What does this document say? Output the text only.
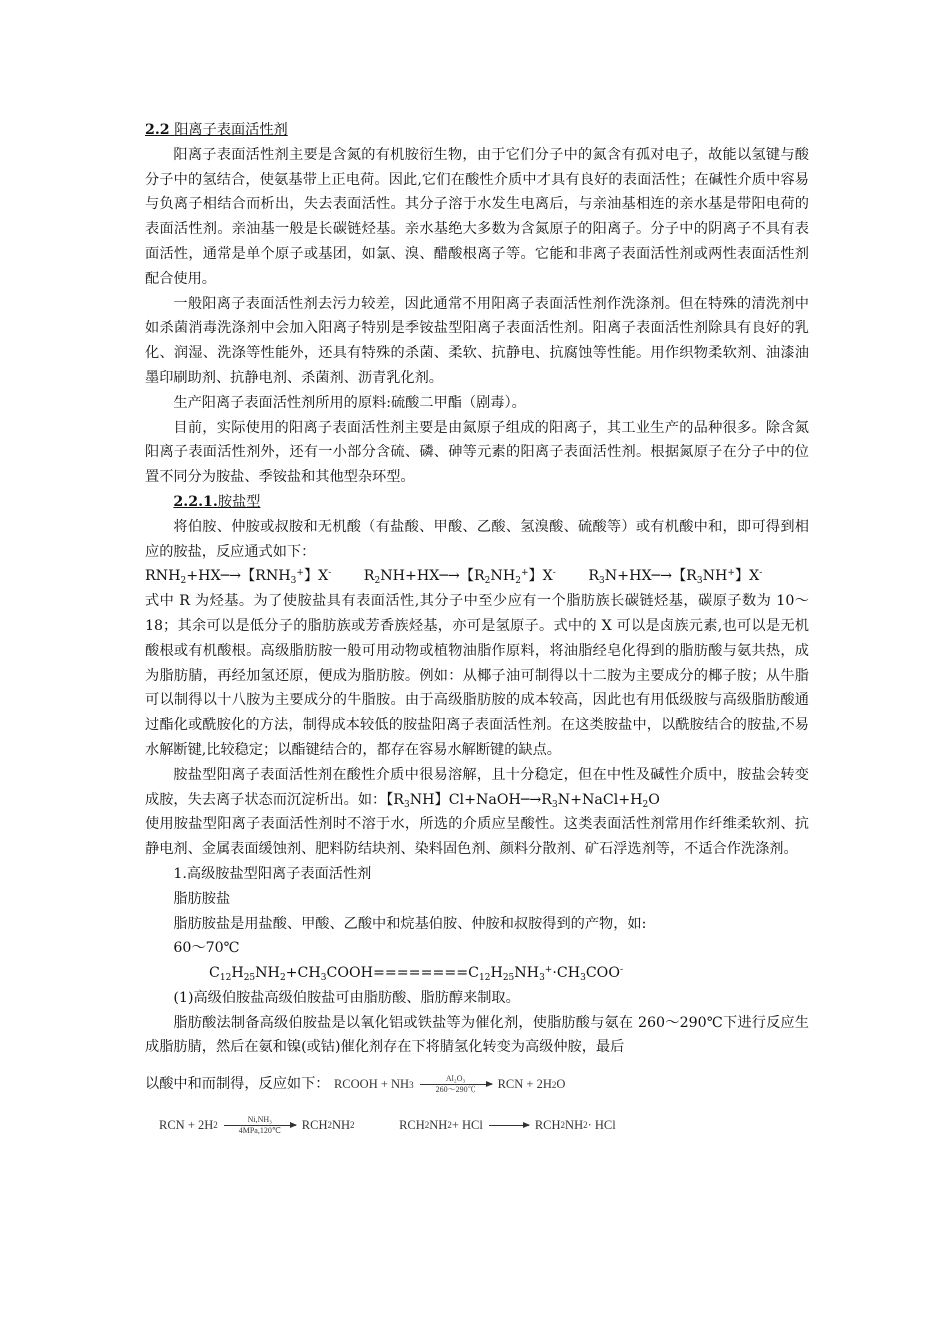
2.2 阳离子表面活性剂

阳离子表面活性剂主要是含氮的有机胺衍生物，由于它们分子中的氮含有孤对电子，故能以氢键与酸分子中的氢结合，使氨基带上正电荷。因此,它们在酸性介质中才具有良好的表面活性；在碱性介质中容易与负离子相结合而析出，失去表面活性。其分子溶于水发生电离后，与亲油基相连的亲水基是带阳电荷的表面活性剂。亲油基一般是长碳链烃基。亲水基绝大多数为含氮原子的阳离子。分子中的阴离子不具有表面活性，通常是单个原子或基团，如氯、溴、醋酸根离子等。它能和非离子表面活性剂或两性表面活性剂配合使用。

一般阳离子表面活性剂去污力较差，因此通常不用阳离子表面活性剂作洗涤剂。但在特殊的清洗剂中如杀菌消毒洗涤剂中会加入阳离子特别是季铵盐型阳离子表面活性剂。阳离子表面活性剂除具有良好的乳化、润湿、洗涤等性能外，还具有特殊的杀菌、柔软、抗静电、抗腐蚀等性能。用作织物柔软剂、油漆油墨印刷助剂、抗静电剂、杀菌剂、沥青乳化剂。

生产阳离子表面活性剂所用的原料:硫酸二甲酯（剧毒）。

目前，实际使用的阳离子表面活性剂主要是由氮原子组成的阳离子，其工业生产的品种很多。除含氮阳离子表面活性剂外，还有一小部分含硫、磷、砷等元素的阳离子表面活性剂。根据氮原子在分子中的位置不同分为胺盐、季铵盐和其他型杂环型。

2.2.1.胺盐型

将伯胺、仲胺或叔胺和无机酸（有盐酸、甲酸、乙酸、氢溴酸、硫酸等）或有机酸中和，即可得到相应的胺盐，反应通式如下：

$RNH_2+HX─\to$【$RNH_3^+$】X- $R_2NH+HX─\to$【$R_2NH_2^+$】X- $R_3N+HX─\to$【$R_3NH^+$】X-

式中 R 为烃基。为了使胺盐具有表面活性,其分子中至少应有一个脂肪族长碳链烃基，碳原子数为 10～18；其余可以是低分子的脂肪族或芳香族烃基，亦可是氢原子。式中的 X 可以是卤族元素,也可以是无机酸根或有机酸根。高级脂肪胺一般可用动物或植物油脂作原料，将油脂经皂化得到的脂肪酸与氨共热，成为脂肪腈，再经加氢还原，便成为脂肪胺。例如：从椰子油可制得以十二胺为主要成分的椰子胺；从牛脂可以制得以十八胺为主要成分的牛脂胺。由于高级脂肪胺的成本较高，因此也有用低级胺与高级脂肪酸通过酯化或酰胺化的方法，制得成本较低的胺盐阳离子表面活性剂。在这类胺盐中，以酰胺结合的胺盐,不易水解断键,比较稳定；以酯键结合的，都存在容易水解断键的缺点。

胺盐型阳离子表面活性剂在酸性介质中很易溶解，且十分稳定，但在中性及碱性介质中，胺盐会转变成胺，失去离子状态而沉淀析出。如：【$R_3NH$】$Cl+NaOH─\to R_3N+NaCl+H_2O$

使用胺盐型阳离子表面活性剂时不溶于水，所选的介质应呈酸性。这类表面活性剂常用作纤维柔软剂、抗静电剂、金属表面缓蚀剂、肥料防结块剂、染料固色剂、颜料分散剂、矿石浮选剂等，不适合作洗涤剂。

1.高级胺盐型阳离子表面活性剂

脂肪胺盐

脂肪胺盐是用盐酸、甲酸、乙酸中和烷基伯胺、仲胺和叔胺得到的产物，如:

60～70℃

$C_{12}H_{25}NH_2+CH_3COOH========C_{12}H_{25}NH_3^+\cdot CH_3COO^-$

(1)高级伯胺盐高级伯胺盐可由脂肪酸、脂肪醇来制取。

脂肪酸法制备高级伯胺盐是以氧化铝或铁盐等为催化剂，使脂肪酸与氨在 260～290℃下进行反应生成脂肪腈，然后在氨和镍(或钴)催化剂存在下将腈氢化转变为高级仲胺，最后

以酸中和而制得，反应如下： RCOOH + NH 3
Al₂O₃
260～290℃ RCN + 2H 2 O

RCN + 2H 2
Ni,NH₃
4MPa,120℃ RCH 2 NH 2
	RCH 2 NH 2 + HCl → RCH 2 NH 2 · HCl
